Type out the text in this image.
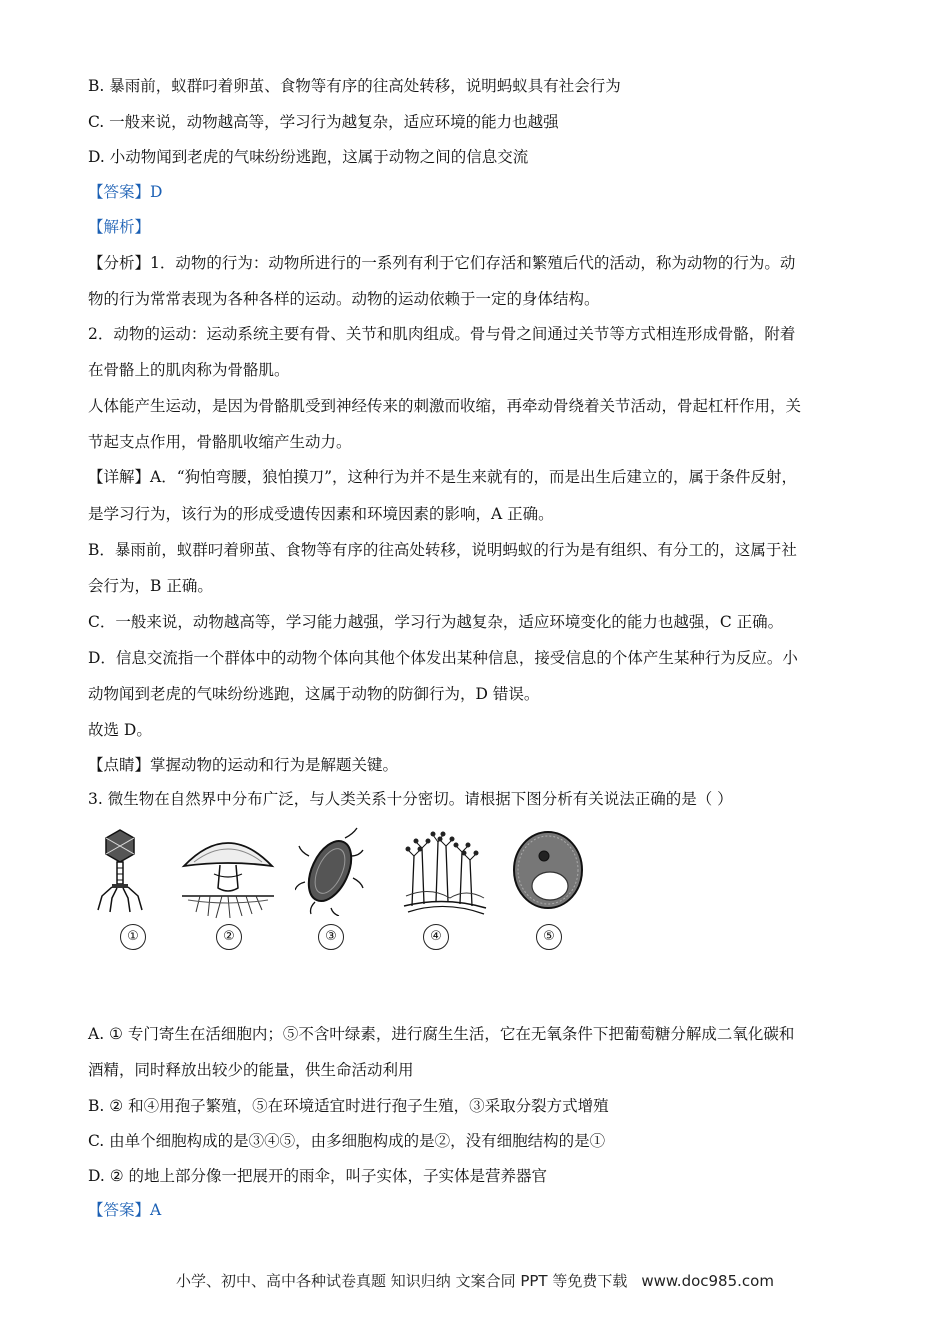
B. 暴雨前，蚁群叼着卵茧、食物等有序的往高处转移，说明蚂蚁具有社会行为
C. 一般来说，动物越高等，学习行为越复杂，适应环境的能力也越强
D. 小动物闻到老虎的气味纷纷逃跑，这属于动物之间的信息交流
【答案】D
【解析】
【分析】1．动物的行为：动物所进行的一系列有利于它们存活和繁殖后代的活动，称为动物的行为。动
物的行为常常表现为各种各样的运动。动物的运动依赖于一定的身体结构。
2．动物的运动：运动系统主要有骨、关节和肌肉组成。骨与骨之间通过关节等方式相连形成骨骼，附着
在骨骼上的肌肉称为骨骼肌。
人体能产生运动，是因为骨骼肌受到神经传来的刺激而收缩，再牵动骨绕着关节活动，骨起杠杆作用，关
节起支点作用，骨骼肌收缩产生动力。
【详解】A．“狗怕弯腰，狼怕摸刀”，这种行为并不是生来就有的，而是出生后建立的，属于条件反射，
是学习行为，该行为的形成受遗传因素和环境因素的影响，A 正确。
B．暴雨前，蚁群叼着卵茧、食物等有序的往高处转移，说明蚂蚁的行为是有组织、有分工的，这属于社
会行为，B 正确。
C．一般来说，动物越高等，学习能力越强，学习行为越复杂，适应环境变化的能力也越强，C 正确。
D．信息交流指一个群体中的动物个体向其他个体发出某种信息，接受信息的个体产生某种行为反应。小
动物闻到老虎的气味纷纷逃跑，这属于动物的防御行为，D 错误。
故选 D。
【点睛】掌握动物的运动和行为是解题关键。
3. 微生物在自然界中分布广泛，与人类关系十分密切。请根据下图分析有关说法正确的是（ ）
A. ① 专门寄生在活细胞内；⑤不含叶绿素，进行腐生生活，它在无氧条件下把葡萄糖分解成二氧化碳和
酒精，同时释放出较少的能量，供生命活动利用
B. ② 和④用孢子繁殖，⑤在环境适宜时进行孢子生殖，③采取分裂方式增殖
C. 由单个细胞构成的是③④⑤，由多细胞构成的是②，没有细胞结构的是①
D. ② 的地上部分像一把展开的雨伞，叫子实体，子实体是营养器官
【答案】A
①	②	③	④	⑤
小学、初中、高中各种试卷真题 知识归纳 文案合同 PPT 等免费下载 www.doc985.com
